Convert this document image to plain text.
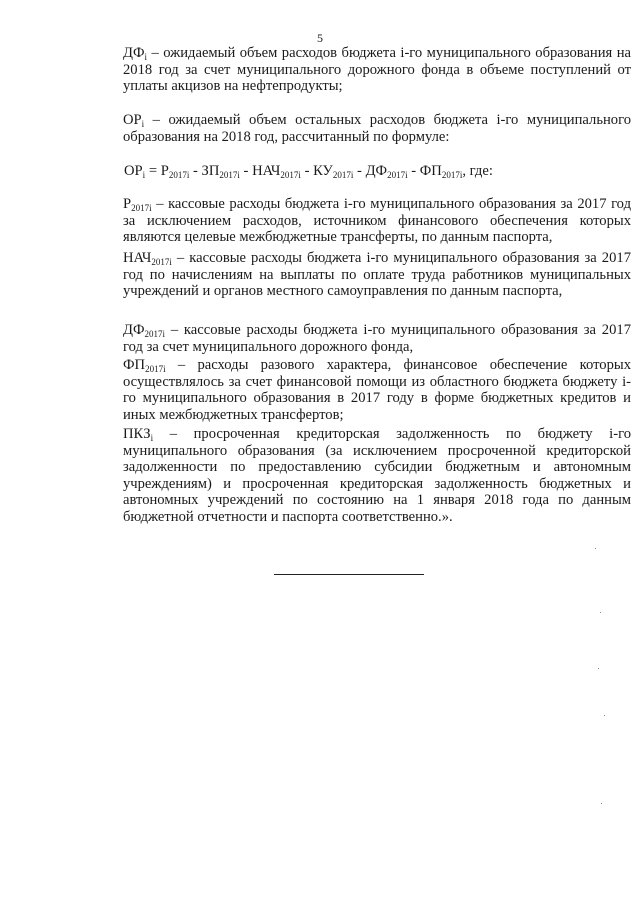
5
$ДФ_i$ – ожидаемый объем расходов бюджета i-го муниципального образования на 2018 год за счет муниципального дорожного фонда в объеме поступлений от уплаты акцизов на нефтепродукты;
$ОР_i$ – ожидаемый объем остальных расходов бюджета i-го муниципального образования на 2018 год, рассчитанный по формуле:
$ОР_i = Р_{2017i} - ЗП_{2017i} - НАЧ_{2017i} - КУ_{2017i} - ДФ_{2017i} - ФП_{2017i}$, где:
$Р_{2017i}$ – кассовые расходы бюджета i-го муниципального образования за 2017 год за исключением расходов, источником финансового обеспечения которых являются целевые межбюджетные трансферты, по данным паспорта,
$НАЧ_{2017i}$ – кассовые расходы бюджета i-го муниципального образования за 2017 год по начислениям на выплаты по оплате труда работников муниципальных учреждений и органов местного самоуправления по данным паспорта,
$ДФ_{2017i}$ – кассовые расходы бюджета i-го муниципального образования за 2017 год за счет муниципального дорожного фонда,
$ФП_{2017i}$ – расходы разового характера, финансовое обеспечение которых осуществлялось за счет финансовой помощи из областного бюджета бюджету i-го муниципального образования в 2017 году в форме бюджетных кредитов и иных межбюджетных трансфертов;
$ПКЗ_i$ – просроченная кредиторская задолженность по бюджету i-го муниципального образования (за исключением просроченной кредиторской задолженности по предоставлению субсидии бюджетным и автономным учреждениям) и просроченная кредиторская задолженность бюджетных и автономных учреждений по состоянию на 1 января 2018 года по данным бюджетной отчетности и паспорта соответственно.».
